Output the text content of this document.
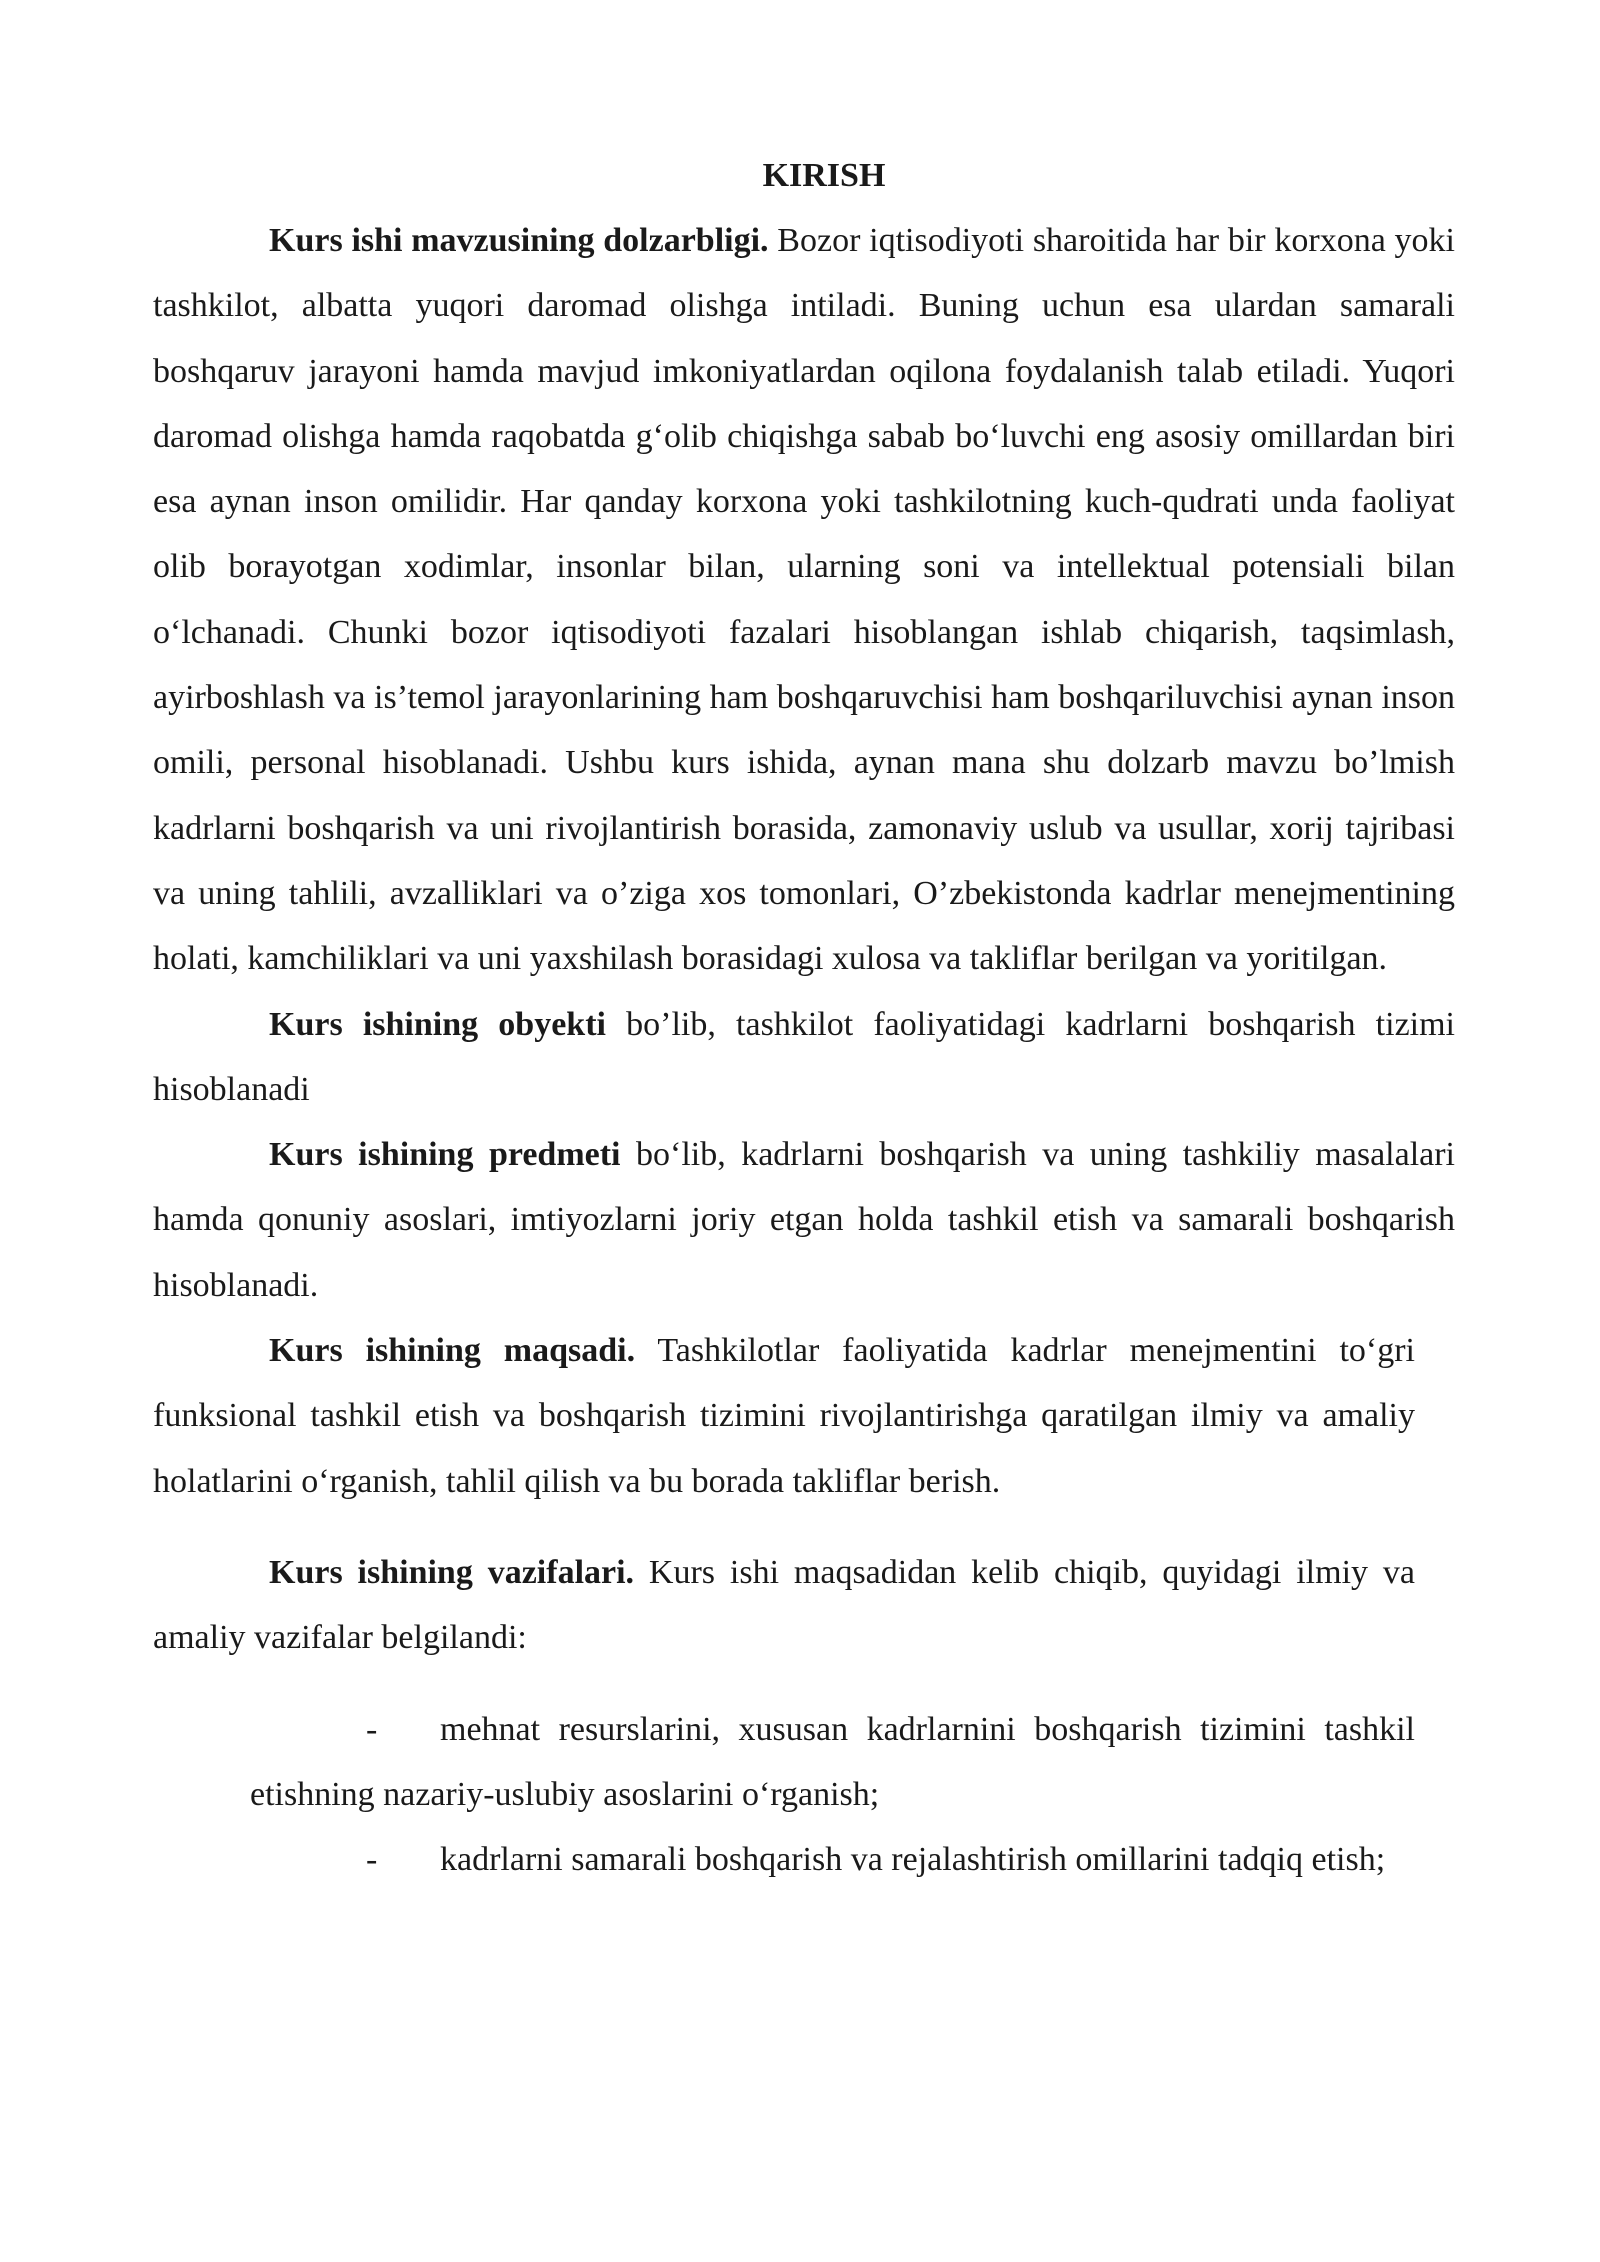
KIRISH

Kurs ishi mavzusining dolzarbligi. Bozor iqtisodiyoti sharoitida har bir korxona yoki tashkilot, albatta yuqori daromad olishga intiladi. Buning uchun esa ulardan samarali boshqaruv jarayoni hamda mavjud imkoniyatlardan oqilona foydalanish talab etiladi. Yuqori daromad olishga hamda raqobatda g‘olib chiqishga sabab bo‘luvchi eng asosiy omillardan biri esa aynan inson omilidir. Har qanday korxona yoki tashkilotning kuch-qudrati unda faoliyat olib borayotgan xodimlar, insonlar bilan, ularning soni va intellektual potensiali bilan o‘lchanadi. Chunki bozor iqtisodiyoti fazalari hisoblangan ishlab chiqarish, taqsimlash, ayirboshlash va is’temol jarayonlarining ham boshqaruvchisi ham boshqariluvchisi aynan inson omili, personal hisoblanadi. Ushbu kurs ishida, aynan mana shu dolzarb mavzu bo’lmish kadrlarni boshqarish va uni rivojlantirish borasida, zamonaviy uslub va usullar, xorij tajribasi va uning tahlili, avzalliklari va o’ziga xos tomonlari, O’zbekistonda kadrlar menejmentining holati, kamchiliklari va uni yaxshilash borasidagi xulosa va takliflar berilgan va yoritilgan.

Kurs ishining obyekti bo’lib, tashkilot faoliyatidagi kadrlarni boshqarish tizimi hisoblanadi

Kurs ishining predmeti bo‘lib, kadrlarni boshqarish va uning tashkiliy masalalari hamda qonuniy asoslari, imtiyozlarni joriy etgan holda tashkil etish va samarali boshqarish hisoblanadi.

Kurs ishining maqsadi. Tashkilotlar faoliyatida kadrlar menejmentini to‘gri funksional tashkil etish va boshqarish tizimini rivojlantirishga qaratilgan ilmiy va amaliy holatlarini o‘rganish, tahlil qilish va bu borada takliflar berish.

Kurs ishining vazifalari. Kurs ishi maqsadidan kelib chiqib, quyidagi ilmiy va amaliy vazifalar belgilandi:

- mehnat resurslarini, xususan kadrlarnini boshqarish tizimini tashkil etishning nazariy-uslubiy asoslarini o‘rganish;

- kadrlarni samarali boshqarish va rejalashtirish omillarini tadqiq etish;
